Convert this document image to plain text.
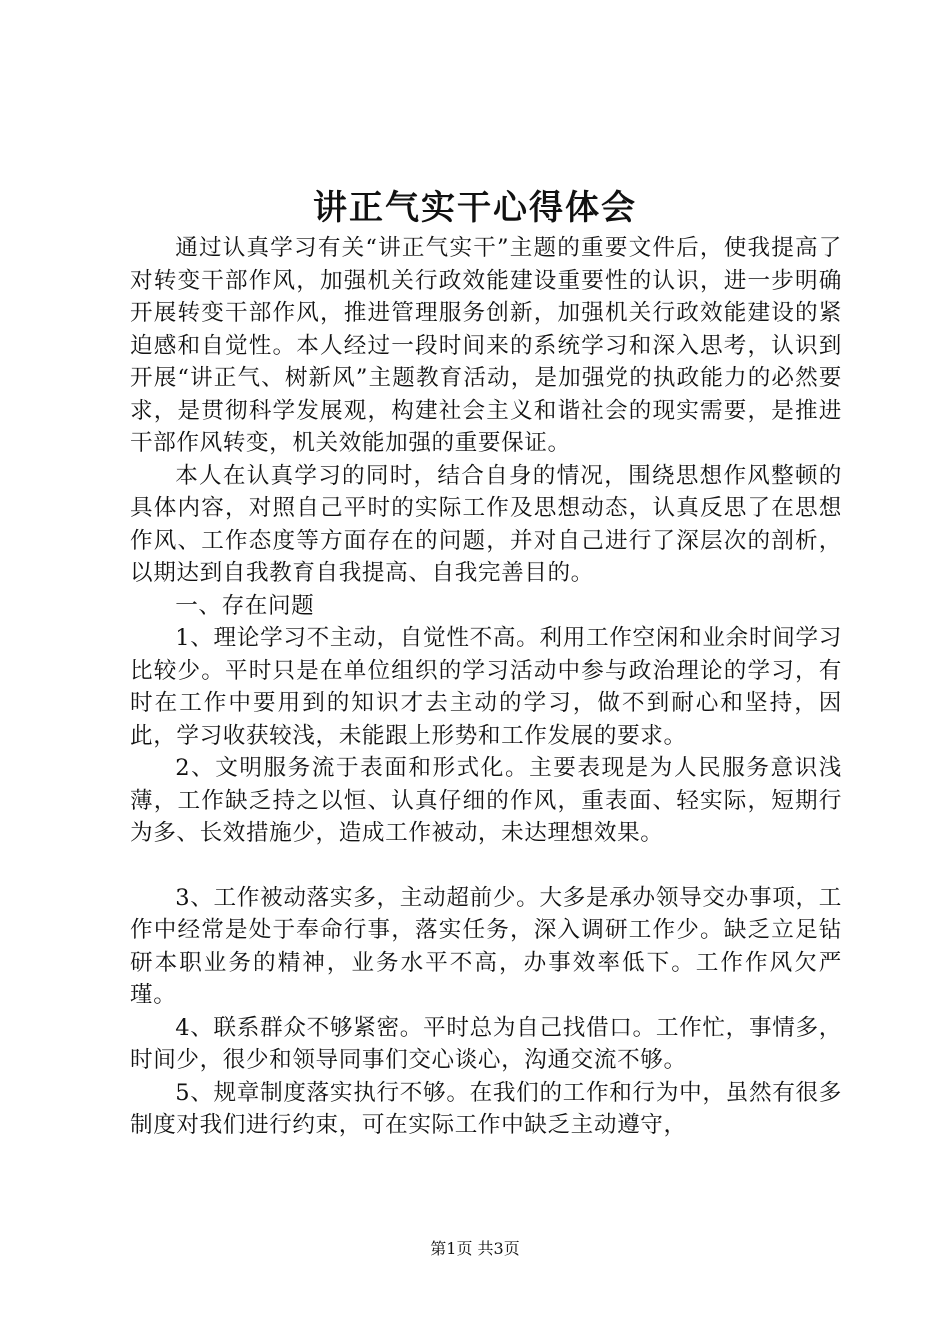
讲正气实干心得体会

通过认真学习有关“讲正气实干”主题的重要文件后，使我提高了对转变干部作风，加强机关行政效能建设重要性的认识，进一步明确开展转变干部作风，推进管理服务创新，加强机关行政效能建设的紧迫感和自觉性。本人经过一段时间来的系统学习和深入思考，认识到开展“讲正气、树新风”主题教育活动，是加强党的执政能力的必然要求，是贯彻科学发展观，构建社会主义和谐社会的现实需要，是推进干部作风转变，机关效能加强的重要保证。

本人在认真学习的同时，结合自身的情况，围绕思想作风整顿的具体内容，对照自己平时的实际工作及思想动态，认真反思了在思想作风、工作态度等方面存在的问题，并对自己进行了深层次的剖析，以期达到自我教育自我提高、自我完善目的。

一、存在问题

1、理论学习不主动，自觉性不高。利用工作空闲和业余时间学习比较少。平时只是在单位组织的学习活动中参与政治理论的学习，有时在工作中要用到的知识才去主动的学习，做不到耐心和坚持，因此，学习收获较浅，未能跟上形势和工作发展的要求。

2、文明服务流于表面和形式化。主要表现是为人民服务意识浅薄，工作缺乏持之以恒、认真仔细的作风，重表面、轻实际，短期行为多、长效措施少，造成工作被动，未达理想效果。

3、工作被动落实多，主动超前少。大多是承办领导交办事项，工作中经常是处于奉命行事，落实任务，深入调研工作少。缺乏立足钻研本职业务的精神，业务水平不高，办事效率低下。工作作风欠严瑾。

4、联系群众不够紧密。平时总为自己找借口。工作忙，事情多，时间少，很少和领导同事们交心谈心，沟通交流不够。

5、规章制度落实执行不够。在我们的工作和行为中，虽然有很多制度对我们进行约束，可在实际工作中缺乏主动遵守，

第1页 共3页
